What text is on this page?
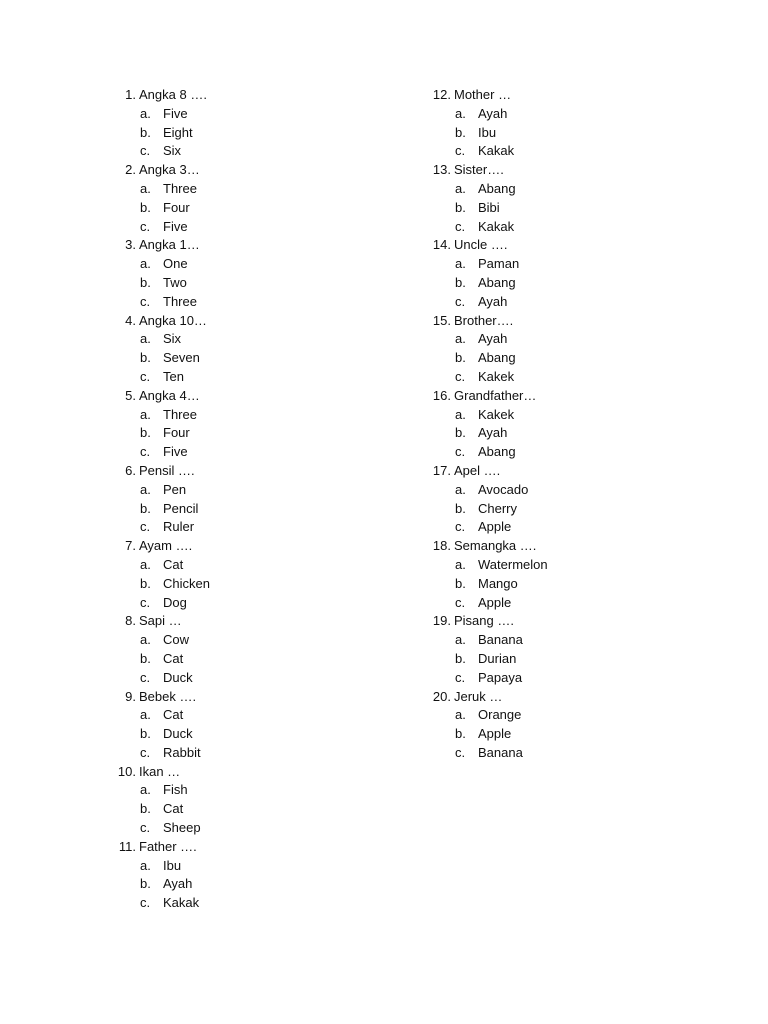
1. Angka 8 ….
a. Five
b. Eight
c. Six
2. Angka 3…
a. Three
b. Four
c. Five
3. Angka 1…
a. One
b. Two
c. Three
4. Angka 10…
a. Six
b. Seven
c. Ten
5. Angka 4…
a. Three
b. Four
c. Five
6. Pensil ….
a. Pen
b. Pencil
c. Ruler
7. Ayam ….
a. Cat
b. Chicken
c. Dog
8. Sapi …
a. Cow
b. Cat
c. Duck
9. Bebek ….
a. Cat
b. Duck
c. Rabbit
10. Ikan …
a. Fish
b. Cat
c. Sheep
11. Father ….
a. Ibu
b. Ayah
c. Kakak
12. Mother …
a. Ayah
b. Ibu
c. Kakak
13. Sister….
a. Abang
b. Bibi
c. Kakak
14. Uncle ….
a. Paman
b. Abang
c. Ayah
15. Brother….
a. Ayah
b. Abang
c. Kakek
16. Grandfather…
a. Kakek
b. Ayah
c. Abang
17. Apel ….
a. Avocado
b. Cherry
c. Apple
18. Semangka ….
a. Watermelon
b. Mango
c. Apple
19. Pisang ….
a. Banana
b. Durian
c. Papaya
20. Jeruk …
a. Orange
b. Apple
c. Banana
